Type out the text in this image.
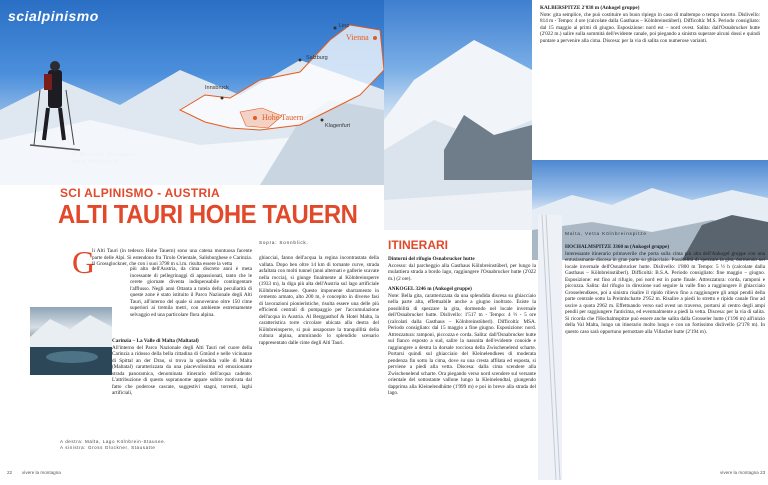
Linz
Vienna
Salzburg
Innsbruck
Hohe Tauern
Klagenfurt
scialpinismo
di Michele Tomaselli www.sciando.it
SCI ALPINISMO - AUSTRIA
ALTI TAURI HOHE TAUERN
G
li Alti Tauri (in tedesco Hohe Tauern) sono una catena montuosa facente parte delle Alpi. Si estendono fra Tirolo Orientale, Salisburghese e Carinzia. Il Grossglockner, che con i suoi 3798 m s.l.m. risulta essere la vetta
più alta dell'Austria, da cima discreto anni è meta incessante di pellegrinaggi di appassionati, tanto che le cerete giornate diventa indispensabile contingentare l'afflusso. Negli anni Ottanta a tutela della peculiarità di queste zone è stato istituito il Parco Nazionale degli Alti Tauri, all'interno del quale si annoverano oltre 150 cime superiori ai tremila metri, con ambiente estremamente selvaggio ed una particolare flora alpina.
Carinzia – La Valle di Malta (Maltatal)
All'interno del Parco Nazionale degli Alti Tauri nel cuore della Carinzia a ridosso della bella cittadina di Gmünd e nelle vicinanze di Spittal an der Drau, si trova la splendida valle di Malta (Maltatal) caratterizzata da una piacevolissima ed emozionante strada panoramica, denominata itinerario dell'acqua cadente. L'attribuzione di questo soprannome appare subito motivata dal fatto che poderose cascate, suggestivi stagni, torrenti, laghi artificiali,
A destra: Malta, Lago Kölnbrein-Stausee.
A sinistra: Gross Glockner, Stausatte
Sopra: Sonnblick.
ghiacciai, fanno dell'acqua la regina incontrastata della vallata. Dopo ben oltre 14 km di tornante curve, strada asfaltata con molti tunnel (anni alternati e gallerie scavate nella roccia), si giunge finalmente al Kölnbreinsperre (1933 m), la diga più alta dell'Austria sul lago artificiale Kölnbrein-Stausee. Questo imponente sbarramento in cemento armato, alto 200 m, è concepito in diverse fasi di lavorazioni pionieristiche, risulta essere una delle più efficienti centrali di pompaggio per l'accumulazione dell'acqua in Austria. Al Berggasthof & Hotel Malta, la caratteristica torre circolare ubicata alla destra del Kölnbreinsperre, si può assaporare la tranquillità della cultura alpina, ammirando lo splendido scenario rappresentato dalle cime degli Alti Tauri.
22 vivere la montagna
ITINERARI
Dintorni del rifugio Osnabrucker hutte
Accesso: dal parcheggio alla Gasthaus Kölnbreinstüberl, per lungo la mulattiera strada a bordo lago, raggiungere l'Osnabrucker hutte (2'022 m.) (2 ore).
ANKOGEL 3246 m (Ankogel gruppe)
Note: Bella gita, caratterizzata da una splendida discesa su ghiacciaio nella parte alta, effettuabile anche a giugno inoltrato. Esiste la possibilità di spezzare la gita, dormendo nel locale invernale dell'Osnabrucker hutte. Dislivello: 1'517 m - Tempo: 4 ½ - 5 ore (calcolati dalla Gasthaus – Kölnbreinstüberl). Difficoltà: MSA. Periodo consigliato: dal 15 maggio a fine giugno. Esposizione: nord. Attrezzatura: ramponi, piccozza e corda. Salita: dall'Osnabrucker hutte sul fianco esposto a sud, salire la nassnita dell'evidente conoide e raggiungere a destra la dorsale rocciosa della Zwischenelend scharte. Portarsi quindi sul ghiacciaio del Kleinelendkees di moderata pendenza fin sotto la cima, dove su una cresta affilata ed esposta, si perviene a piedi alla vetta. Discesa: dalla cima scendere alla Zwischenelend scharte. Ora piegando verso nord scendere sul versante orientale del sottostante vallone lungo la Kleinelendtal, giungendo dapprima alla Kleinelendhütte (1'999 m) e poi in breve alla strada del lago.
KALBERSPITZE 2'838 m (Ankogel gruppe)
Note: gita semplice, che può costituire un buon ripiego in caso di maltempo o tempo incerto. Dislivello: 814 m - Tempo: 4 ore (calcolate dalla Gasthaus – Kölnbreinstüberl). Difficoltà: M.S. Periodo consigliato: dal 15 maggio ai primi di giugno. Esposizione: nord est – nord ovest. Salita: dall'Osnabrucker hutte (2'022 m.) salire sulla sommità dell'evidente canale, poi piegando a sinistra superare alcuni dossi e quindi puntare a pervenire alla cima. Discesa: per la via di salita con numerose varianti.
Malta, Vetta Kölnbreinspitze
HOCHALMSPITZE 3360 m (Ankogel gruppe)
Interessante itinerario primaverile che porta sulla cima più alta dell'Ankogel gruppe con una entusiasmante discesa in gran parte su ghiacciaio. Possibilità di spezzare la gita, dormendo nel locale invernale dell'Osnabrucker hutte. Dislivello: 1'800 m Tempo: 5 ½ h (calcolate dalla Gasthaus – Kölnbreinstüberl). Difficoltà: B.S.A. Periodo consigliato: fine maggio – giugno. Esposizione: est fino al rifugio, poi nord est in parte finale. Attrezzatura: corda, ramponi e piccozza. Salita: dal rifugio in direzione sud seguire la valle fino a raggiungere il ghiacciaio Grosselendkees, poi a sinistra risalire il ripido rilievo fino a raggiungere gli ampi pendii della parte centrale sotto la Preimlscharte 2'952 m. Risalire a piedi lo stretto e ripido canale fino ad uscire a quota 2962 m. Effettuando verso sud ovest un traverso, portarsi al centro degli ampi pendii per raggiungere l'anticima, ed eventualmente a piedi la vetta. Discesa: per la via di salita. Si ricorda che l'Hochalmspitze può essere anche salita dalla Grosseler hutte (1'196 m) all'inizio della Val Malta, lungo un itinerario molto lungo e con un fortissimo dislivello (2'178 m). In questo caso sarà opportuno pernottare alla Villacher hutte (2'194 m).
vivere la montagna 23
